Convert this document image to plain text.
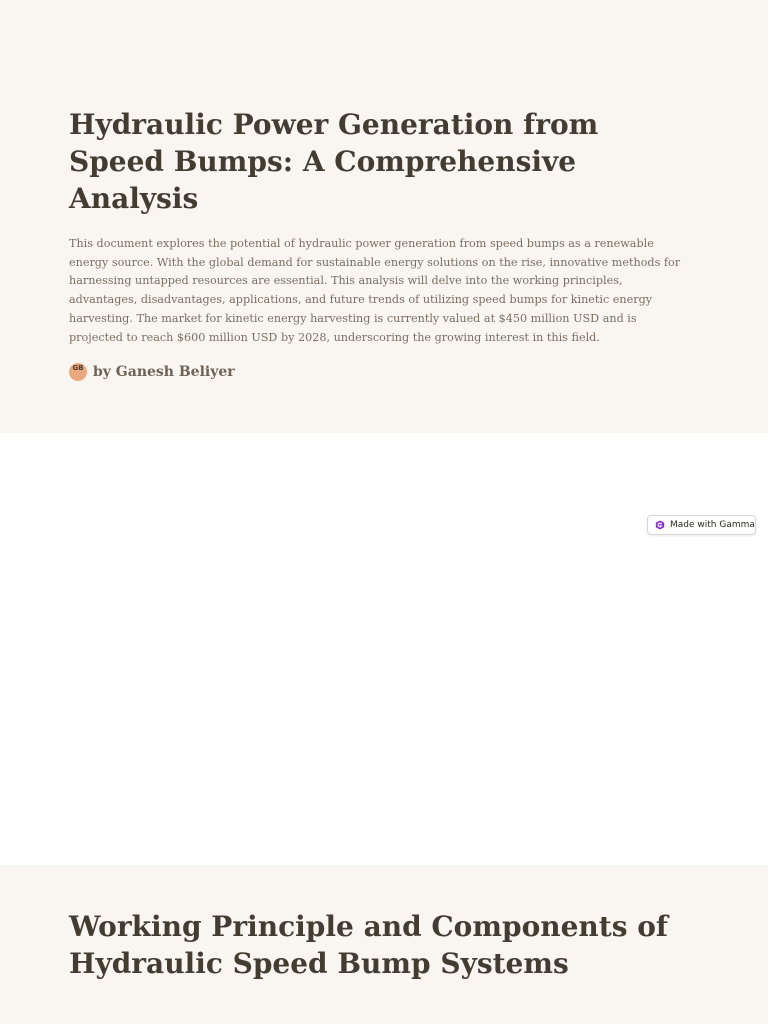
Hydraulic Power Generation from Speed Bumps: A Comprehensive Analysis

This document explores the potential of hydraulic power generation from speed bumps as a renewable energy source. With the global demand for sustainable energy solutions on the rise, innovative methods for harnessing untapped resources are essential. This analysis will delve into the working principles, advantages, disadvantages, applications, and future trends of utilizing speed bumps for kinetic energy harvesting. The market for kinetic energy harvesting is currently valued at $450 million USD and is projected to reach $600 million USD by 2028, underscoring the growing interest in this field.

GB by Ganesh Beliyer
Made with Gamma
Working Principle and Components of Hydraulic Speed Bump Systems
